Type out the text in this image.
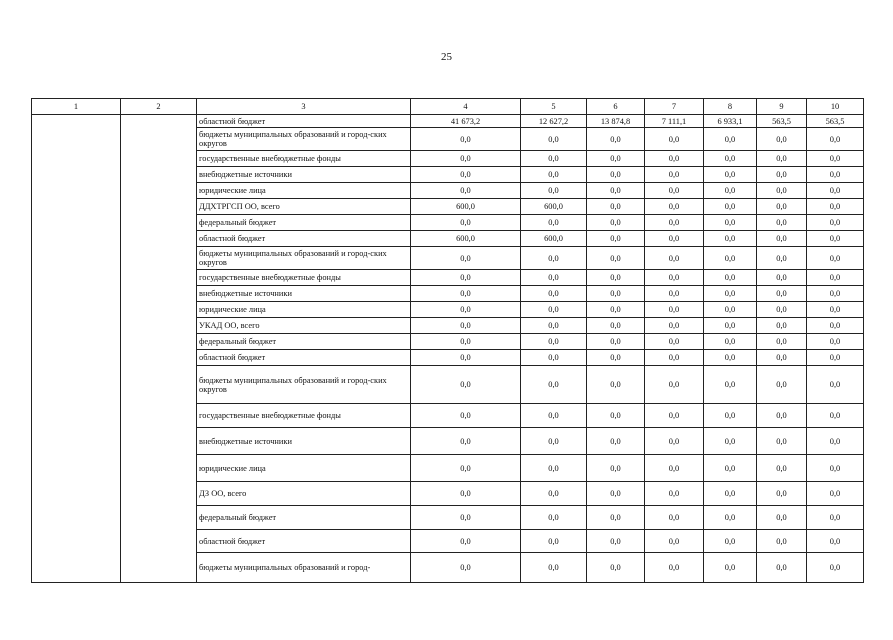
25
1	2	3	4	5	6	7	8	9	10
		областной бюджет	41 673,2	12 627,2	13 874,8	7 111,1	6 933,1	563,5	563,5
		бюджеты муниципальных образований и город-ских округов	0,0	0,0	0,0	0,0	0,0	0,0	0,0
		государственные внебюджетные фонды	0,0	0,0	0,0	0,0	0,0	0,0	0,0
		внебюджетные источники	0,0	0,0	0,0	0,0	0,0	0,0	0,0
		юридические лица	0,0	0,0	0,0	0,0	0,0	0,0	0,0
		ДДХТРГСП ОО, всего	600,0	600,0	0,0	0,0	0,0	0,0	0,0
		федеральный бюджет	0,0	0,0	0,0	0,0	0,0	0,0	0,0
		областной бюджет	600,0	600,0	0,0	0,0	0,0	0,0	0,0
		бюджеты муниципальных образований и город-ских округов	0,0	0,0	0,0	0,0	0,0	0,0	0,0
		государственные внебюджетные фонды	0,0	0,0	0,0	0,0	0,0	0,0	0,0
		внебюджетные источники	0,0	0,0	0,0	0,0	0,0	0,0	0,0
		юридические лица	0,0	0,0	0,0	0,0	0,0	0,0	0,0
		УКАД ОО, всего	0,0	0,0	0,0	0,0	0,0	0,0	0,0
		федеральный бюджет	0,0	0,0	0,0	0,0	0,0	0,0	0,0
		областной бюджет	0,0	0,0	0,0	0,0	0,0	0,0	0,0
		бюджеты муниципальных образований и город-ских округов	0,0	0,0	0,0	0,0	0,0	0,0	0,0
		государственные внебюджетные фонды	0,0	0,0	0,0	0,0	0,0	0,0	0,0
		внебюджетные источники	0,0	0,0	0,0	0,0	0,0	0,0	0,0
		юридические лица	0,0	0,0	0,0	0,0	0,0	0,0	0,0
		ДЗ ОО, всего	0,0	0,0	0,0	0,0	0,0	0,0	0,0
		федеральный бюджет	0,0	0,0	0,0	0,0	0,0	0,0	0,0
		областной бюджет	0,0	0,0	0,0	0,0	0,0	0,0	0,0
		бюджеты муниципальных образований и город-	0,0	0,0	0,0	0,0	0,0	0,0	0,0
